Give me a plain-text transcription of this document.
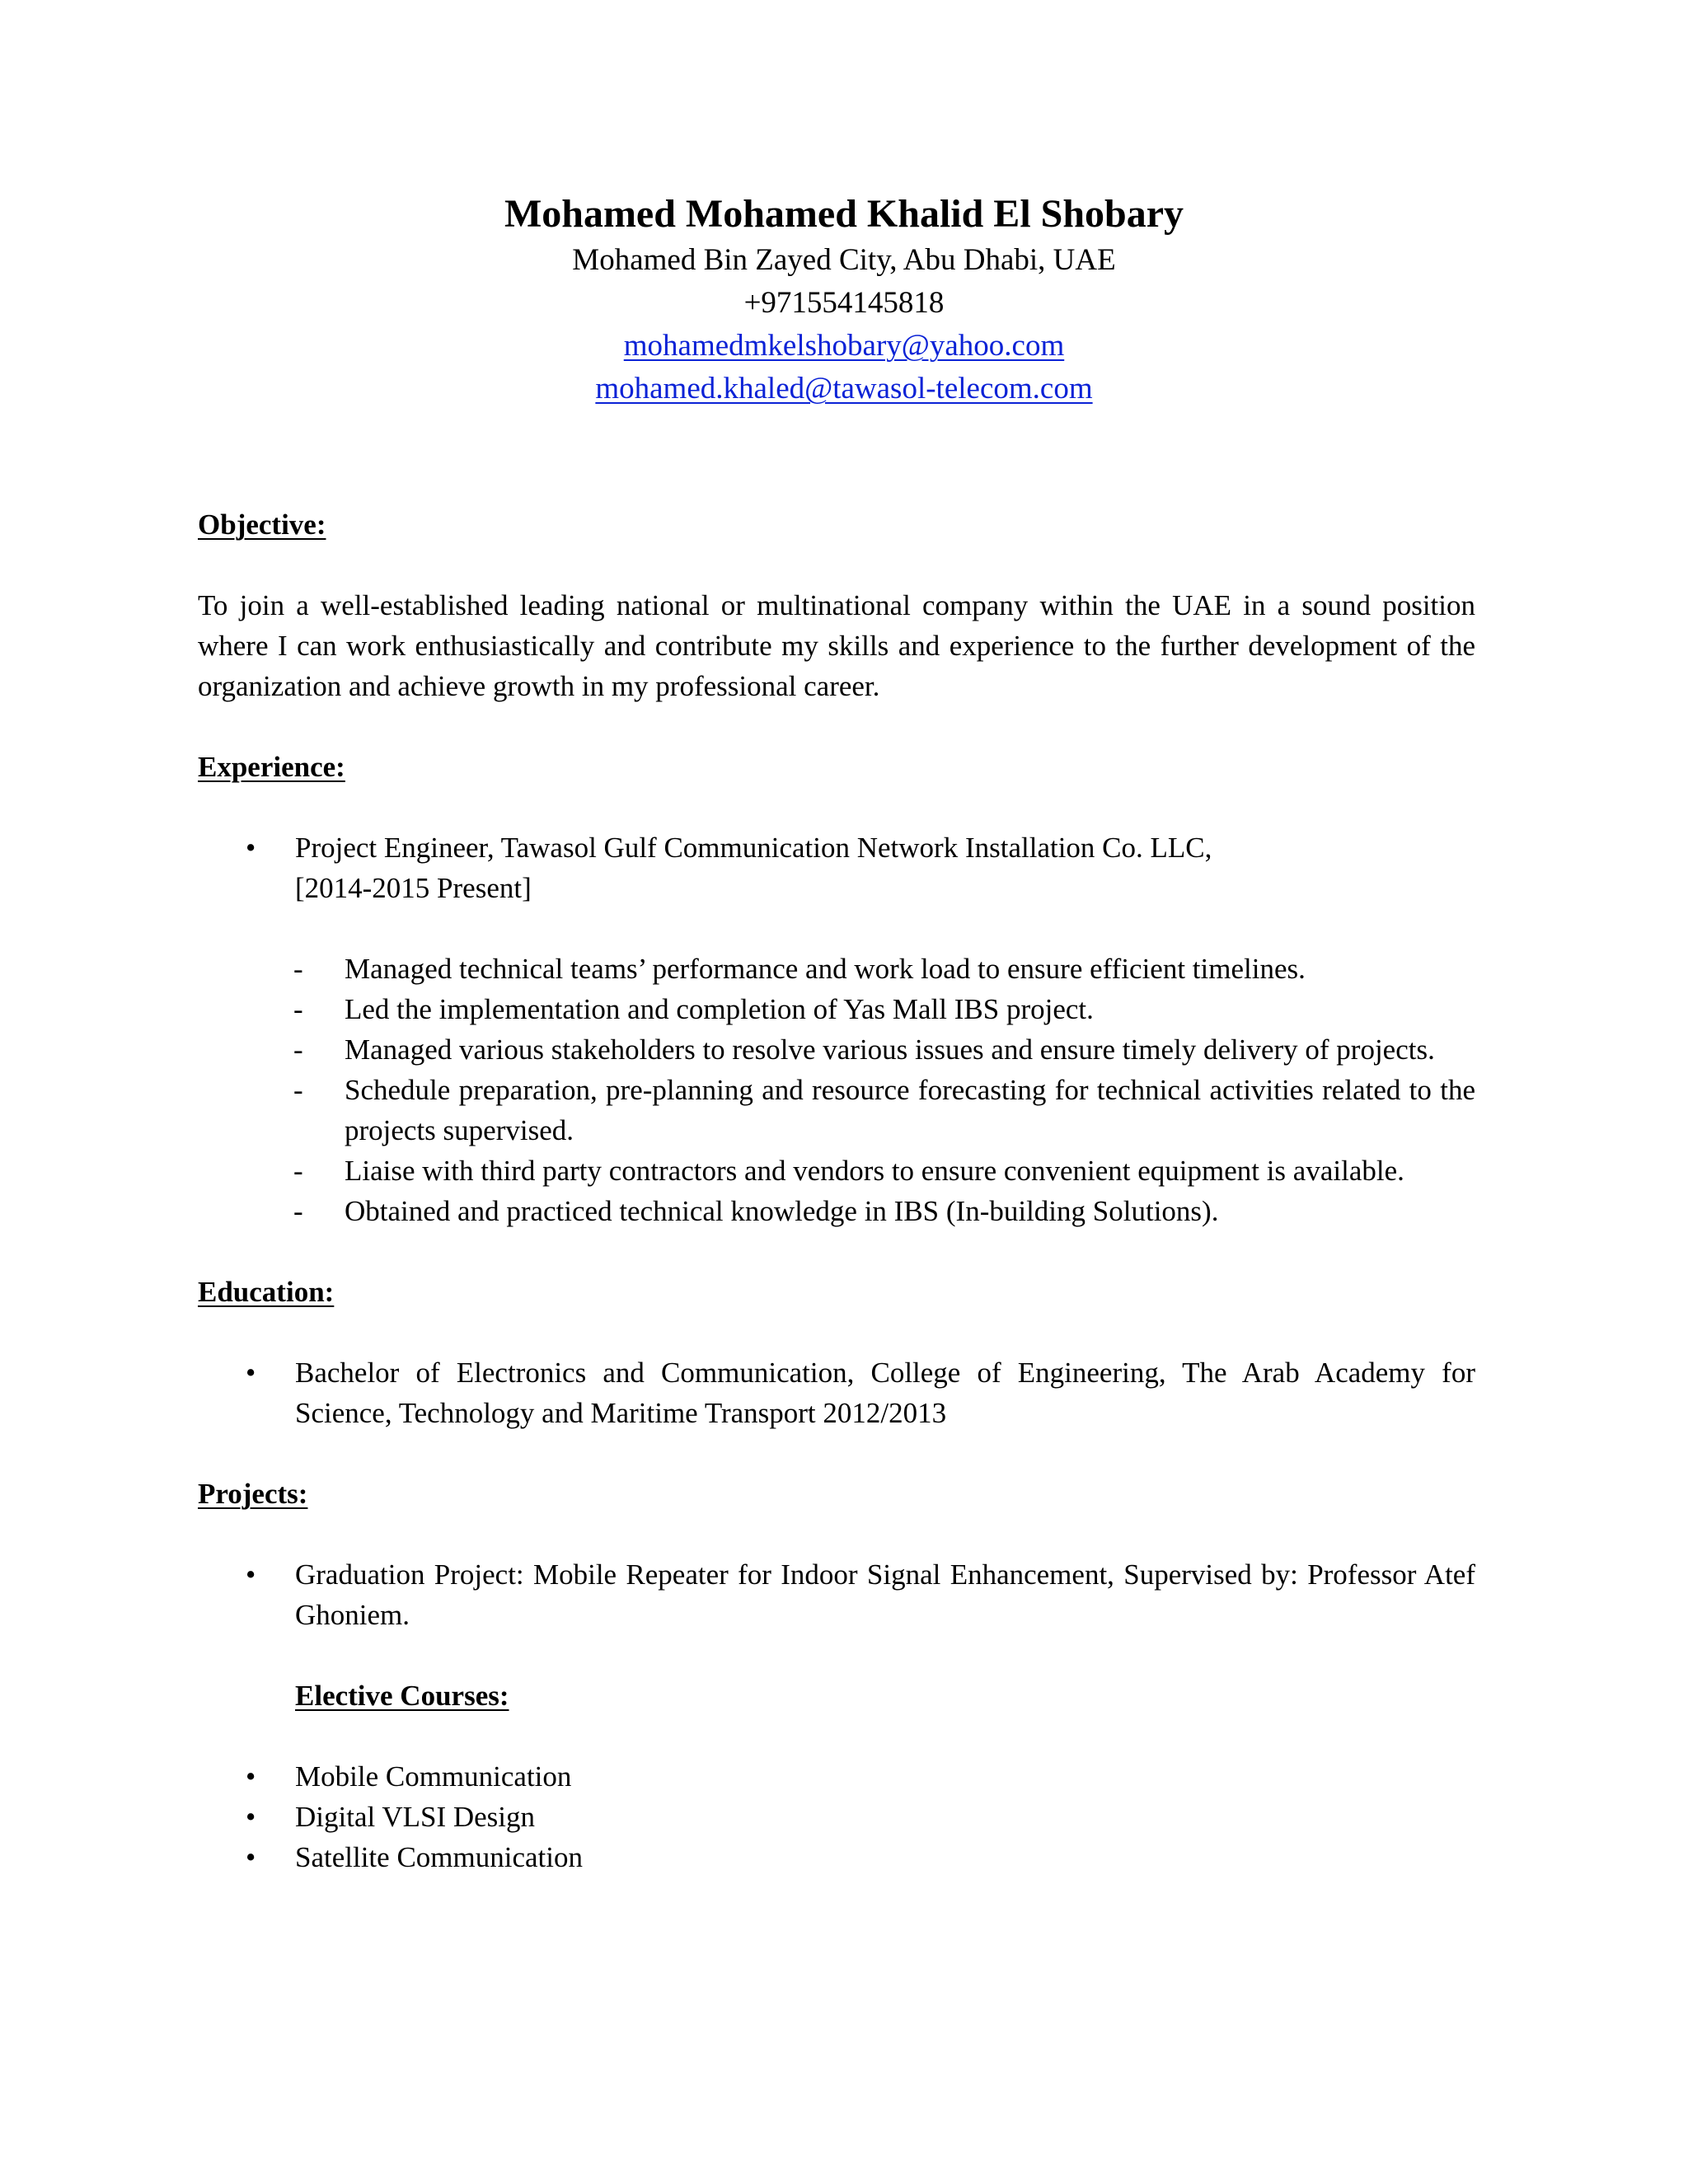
Mohamed Mohamed Khalid El Shobary

Mohamed Bin Zayed City, Abu Dhabi, UAE

+971554145818

mohamedmkelshobary@yahoo.com

mohamed.khaled@tawasol-telecom.com

Objective:

To join a well-established leading national or multinational company within the UAE in a sound position where I can work enthusiastically and contribute my skills and experience to the further development of the organization and achieve growth in my professional career.

Experience:

• Project Engineer, Tawasol Gulf Communication Network Installation Co. LLC,

[2014-2015 Present]

- Managed technical teams’ performance and work load to ensure efficient timelines.
- Led the implementation and completion of Yas Mall IBS project.
- Managed various stakeholders to resolve various issues and ensure timely delivery of projects.
- Schedule preparation, pre-planning and resource forecasting for technical activities related to the projects supervised.
- Liaise with third party contractors and vendors to ensure convenient equipment is available.
- Obtained and practiced technical knowledge in IBS (In-building Solutions).

Education:

• Bachelor of Electronics and Communication, College of Engineering, The Arab Academy for Science, Technology and Maritime Transport 2012/2013

Projects:

• Graduation Project: Mobile Repeater for Indoor Signal Enhancement, Supervised by: Professor Atef Ghoniem.

Elective Courses:

• Mobile Communication
• Digital VLSI Design
• Satellite Communication
